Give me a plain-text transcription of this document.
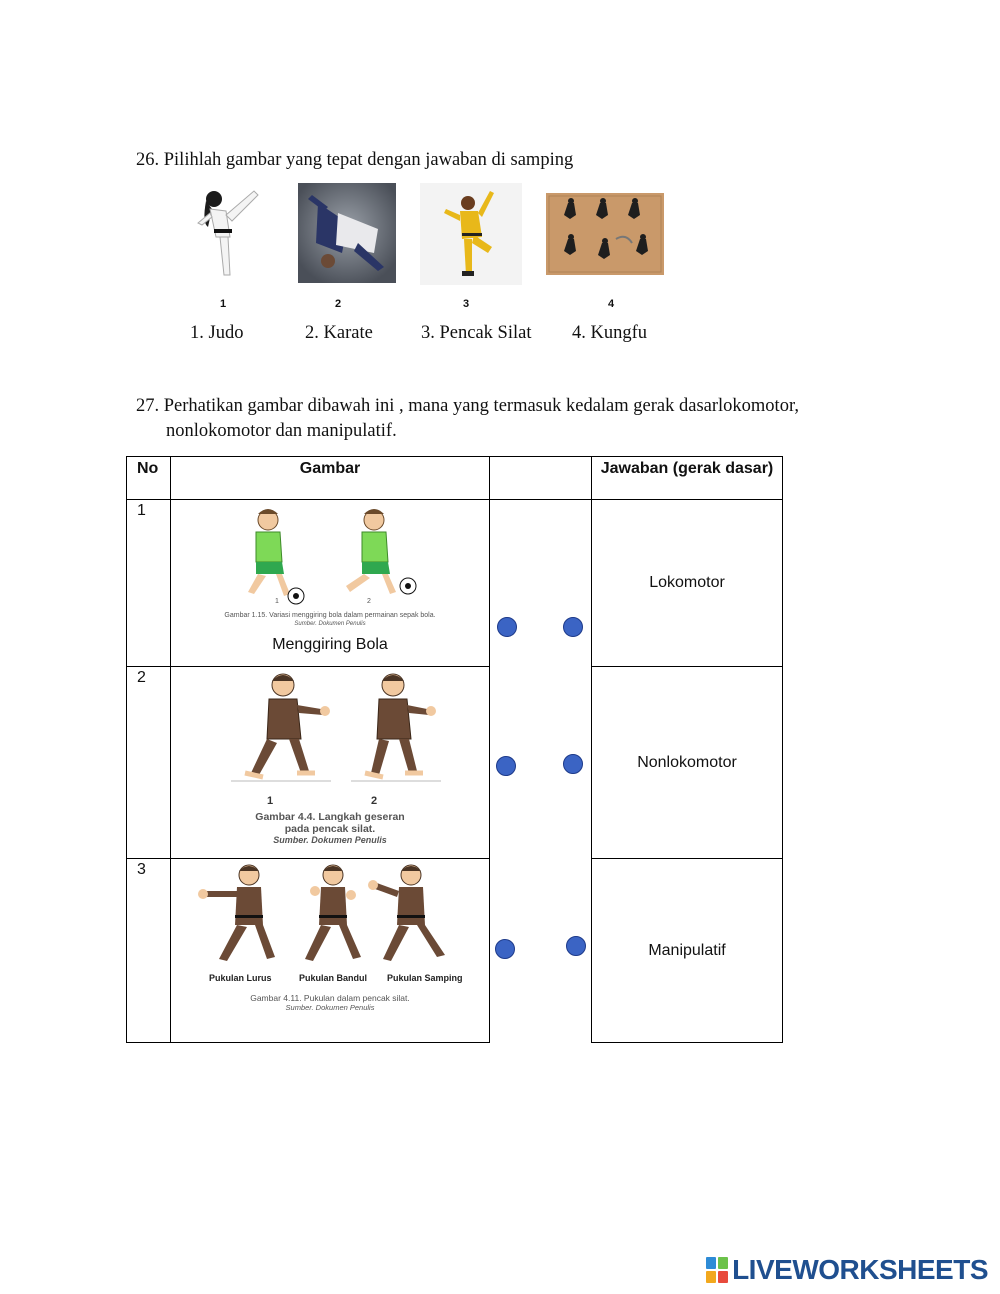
26. Pilihlah gambar yang tepat dengan jawaban di samping
1	2	3	4
1. Judo	2. Karate	3. Pencak Silat 4. Kungfu
27. Perhatikan gambar dibawah ini , mana yang termasuk kedalam gerak dasarlokomotor,
nonlokomotor dan manipulatif.
No	Gambar		Jawaban (gerak dasar)
1	1 2
Gambar 1.15. Variasi menggiring bola dalam permainan sepak bola.
Sumber. Dokumen Penulis
Menggiring Bola		Lokomotor
2	1 2
Gambar 4.4. Langkah geseran pada pencak silat.
Sumber. Dokumen Penulis		Nonlokomotor
3	Pukulan Lurus Pukulan Bandul Pukulan Samping
Gambar 4.11. Pukulan dalam pencak silat.
Sumber. Dokumen Penulis		Manipulatif
LIVEWORKSHEETS
